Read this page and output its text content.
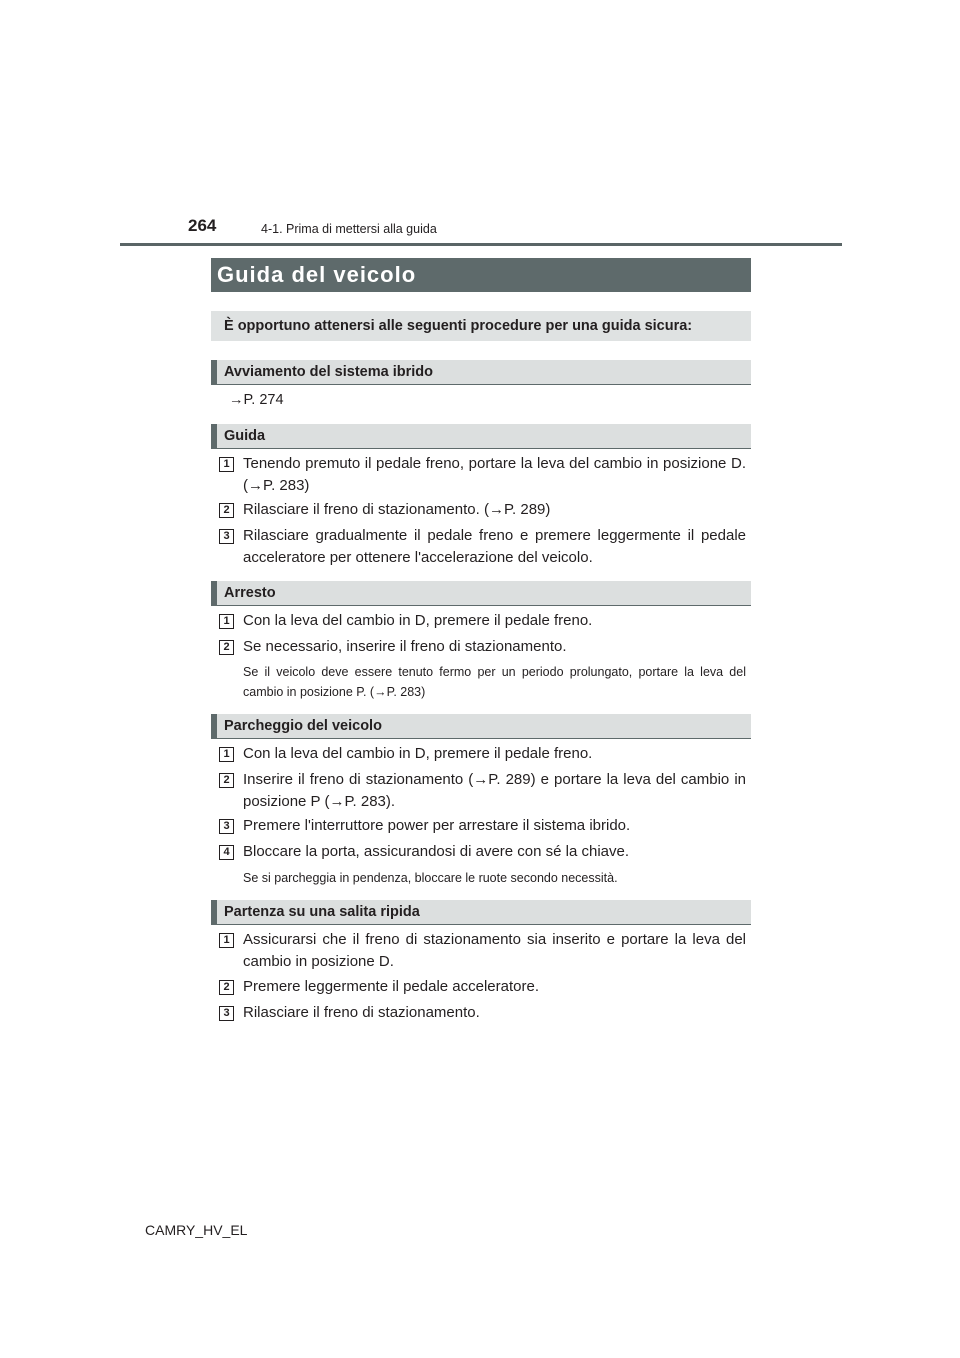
264	4-1. Prima di mettersi alla guida
Guida del veicolo
È opportuno attenersi alle seguenti procedure per una guida sicura:
Avviamento del sistema ibrido
→P. 274
Guida
1 Tenendo premuto il pedale freno, portare la leva del cambio in posizione D. (→P. 283)
2 Rilasciare il freno di stazionamento. (→P. 289)
3 Rilasciare gradualmente il pedale freno e premere leggermente il pedale acceleratore per ottenere l'accelerazione del veicolo.
Arresto
1 Con la leva del cambio in D, premere il pedale freno.
2 Se necessario, inserire il freno di stazionamento.
Se il veicolo deve essere tenuto fermo per un periodo prolungato, portare la leva del cambio in posizione P. (→P. 283)
Parcheggio del veicolo
1 Con la leva del cambio in D, premere il pedale freno.
2 Inserire il freno di stazionamento (→P. 289) e portare la leva del cambio in posizione P (→P. 283).
3 Premere l'interruttore power per arrestare il sistema ibrido.
4 Bloccare la porta, assicurandosi di avere con sé la chiave.
Se si parcheggia in pendenza, bloccare le ruote secondo necessità.
Partenza su una salita ripida
1 Assicurarsi che il freno di stazionamento sia inserito e portare la leva del cambio in posizione D.
2 Premere leggermente il pedale acceleratore.
3 Rilasciare il freno di stazionamento.
CAMRY_HV_EL
